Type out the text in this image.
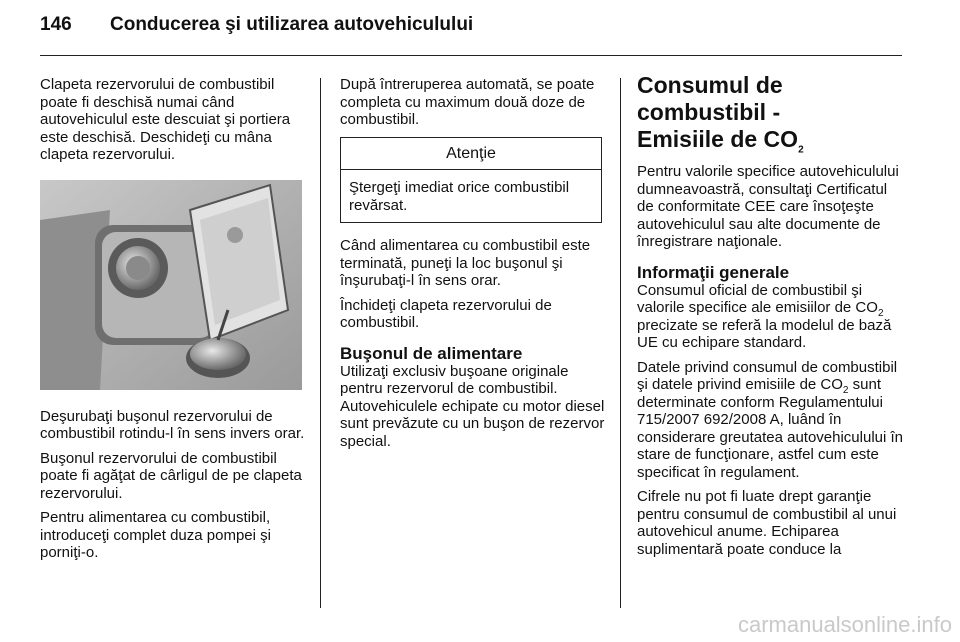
146 Conducerea şi utilizarea autovehiculului

Clapeta rezervorului de combustibil poate fi deschisă numai când autovehiculul este descuiat şi portiera este deschisă. Deschideţi cu mâna clapeta rezervorului.

Deşurubaţi buşonul rezervorului de combustibil rotindu-l în sens invers orar.

Buşonul rezervorului de combustibil poate fi agăţat de cârligul de pe clapeta rezervorului.

Pentru alimentarea cu combustibil, introduceţi complet duza pompei şi porniţi-o.

După întreruperea automată, se poate completa cu maximum două doze de combustibil.

Atenţie
Ştergeţi imediat orice combustibil revărsat.

Când alimentarea cu combustibil este terminată, puneţi la loc buşonul şi înşurubaţi-l în sens orar.

Închideţi clapeta rezervorului de combustibil.

Buşonul de alimentare

Utilizaţi exclusiv buşoane originale pentru rezervorul de combustibil. Autovehiculele echipate cu motor diesel sunt prevăzute cu un buşon de rezervor special.

Consumul de combustibil -
Emisiile de $CO_2$

Pentru valorile specifice autovehiculului dumneavoastră, consultaţi Certificatul de conformitate CEE care însoţeşte autovehiculul sau alte documente de înregistrare naţionale.

Informaţii generale

Consumul oficial de combustibil şi valorile specifice ale emisiilor de $CO_2$ precizate se referă la modelul de bază UE cu echipare standard.

Datele privind consumul de combustibil şi datele privind emisiile de $CO_2$ sunt determinate conform Regulamentului 715/2007 692/2008 A, luând în considerare greutatea autovehiculului în stare de funcţionare, astfel cum este specificat în regulament.

Cifrele nu pot fi luate drept garanţie pentru consumul de combustibil al unui autovehicul anume. Echiparea suplimentară poate conduce la

carmanualsonline.info
